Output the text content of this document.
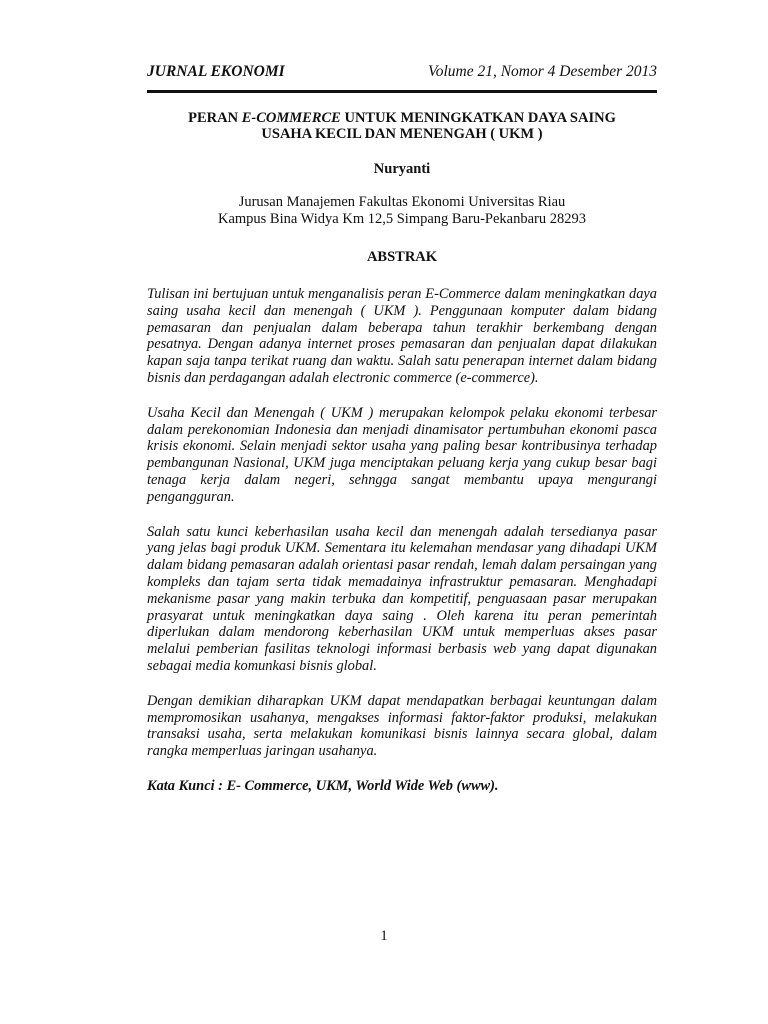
JURNAL EKONOMI	Volume 21, Nomor 4 Desember 2013
PERAN E-COMMERCE UNTUK MENINGKATKAN DAYA SAING
USAHA KECIL DAN MENENGAH ( UKM )
Nuryanti
Jurusan Manajemen Fakultas Ekonomi Universitas Riau
Kampus Bina Widya Km 12,5 Simpang Baru-Pekanbaru 28293
ABSTRAK

Tulisan ini bertujuan untuk menganalisis peran E-Commerce dalam meningkatkan daya saing usaha kecil dan menengah ( UKM ). Penggunaan komputer dalam bidang pemasaran dan penjualan dalam beberapa tahun terakhir berkembang dengan pesatnya. Dengan adanya internet proses pemasaran dan penjualan dapat dilakukan kapan saja tanpa terikat ruang dan waktu. Salah satu penerapan internet dalam bidang bisnis dan perdagangan adalah electronic commerce (e-commerce).

Usaha Kecil dan Menengah ( UKM ) merupakan kelompok pelaku ekonomi terbesar dalam perekonomian Indonesia dan menjadi dinamisator pertumbuhan ekonomi pasca krisis ekonomi. Selain menjadi sektor usaha yang paling besar kontribusinya terhadap pembangunan Nasional, UKM juga menciptakan peluang kerja yang cukup besar bagi tenaga kerja dalam negeri, sehngga sangat membantu upaya mengurangi pengangguran.

Salah satu kunci keberhasilan usaha kecil dan menengah adalah tersedianya pasar yang jelas bagi produk UKM. Sementara itu kelemahan mendasar yang dihadapi UKM dalam bidang pemasaran adalah orientasi pasar rendah, lemah dalam persaingan yang kompleks dan tajam serta tidak memadainya infrastruktur pemasaran. Menghadapi mekanisme pasar yang makin terbuka dan kompetitif, penguasaan pasar merupakan prasyarat untuk meningkatkan daya saing . Oleh karena itu peran pemerintah diperlukan dalam mendorong keberhasilan UKM untuk memperluas akses pasar melalui pemberian fasilitas teknologi informasi berbasis web yang dapat digunakan sebagai media komunkasi bisnis global.

Dengan demikian diharapkan UKM dapat mendapatkan berbagai keuntungan dalam mempromosikan usahanya, mengakses informasi faktor-faktor produksi, melakukan transaksi usaha, serta melakukan komunikasi bisnis lainnya secara global, dalam rangka memperluas jaringan usahanya.

Kata Kunci : E- Commerce, UKM, World Wide Web (www).
1
